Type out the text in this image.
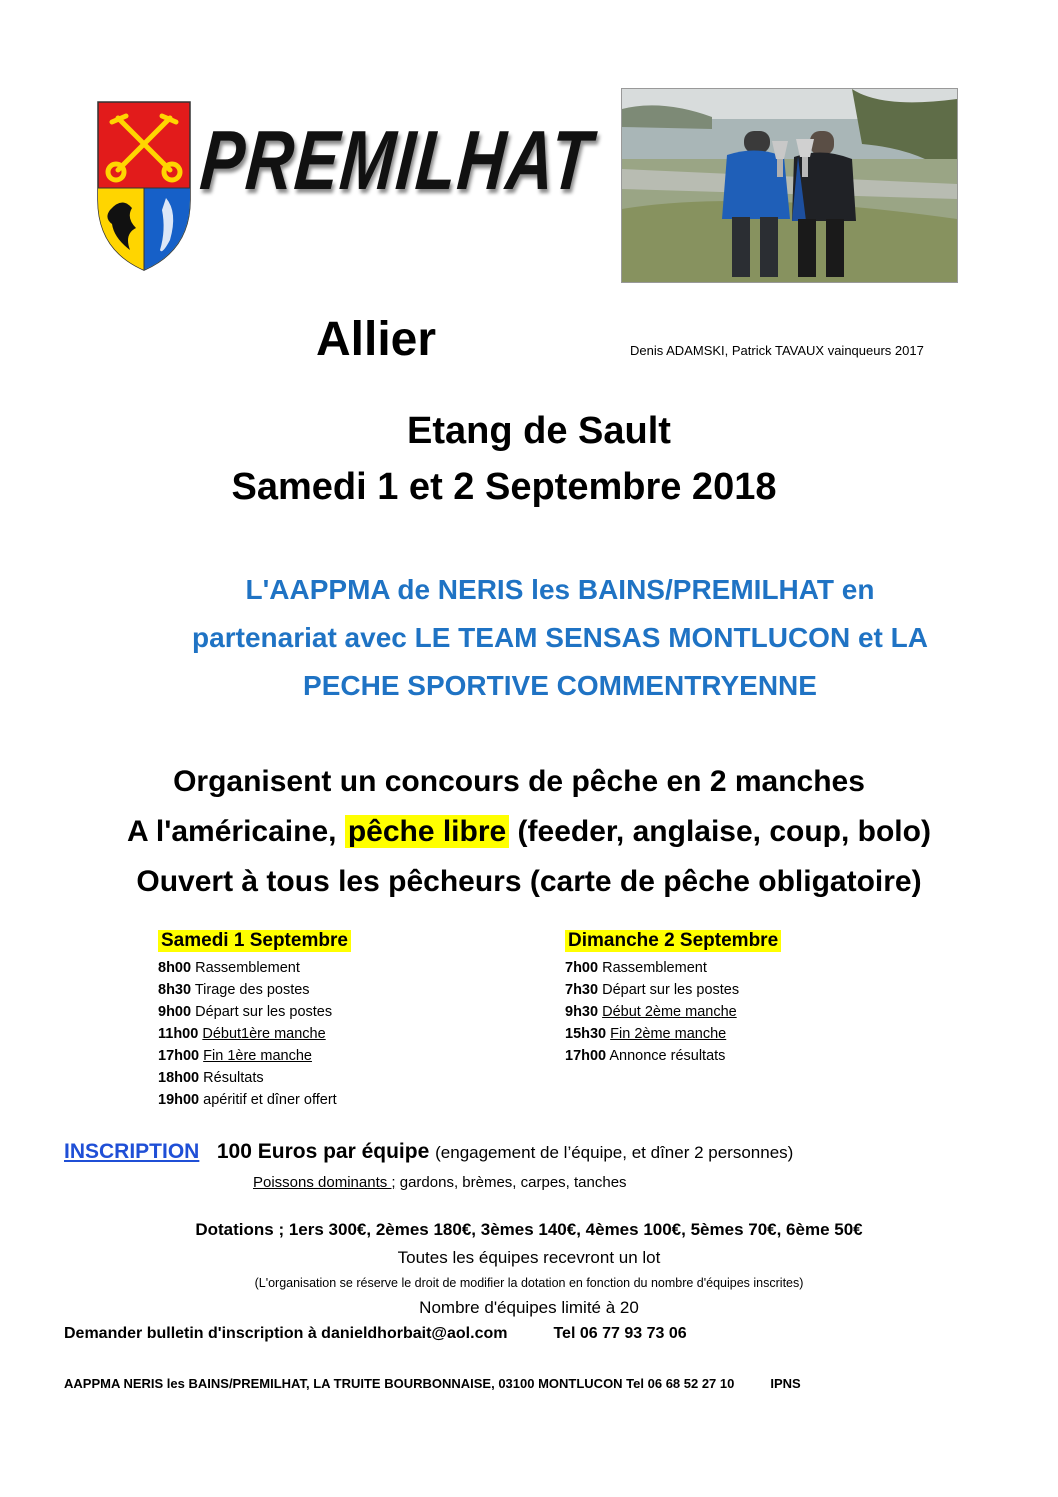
PREMILHAT
Allier	Denis ADAMSKI, Patrick TAVAUX vainqueurs 2017
Etang de Sault
Samedi 1 et 2 Septembre 2018
L'AAPPMA de NERIS les BAINS/PREMILHAT en
partenariat avec LE TEAM SENSAS MONTLUCON et LA
PECHE SPORTIVE COMMENTRYENNE
Organisent un concours de pêche en 2 manches
A l'américaine, pêche libre (feeder, anglaise, coup, bolo)
Ouvert à tous les pêcheurs (carte de pêche obligatoire)
Samedi 1 Septembre
8h00 Rassemblement
8h30 Tirage des postes
9h00 Départ sur les postes
11h00 Début1ère manche
17h00 Fin 1ère manche
18h00 Résultats
19h00 apéritif et dîner offert
Dimanche 2 Septembre
7h00 Rassemblement
7h30 Départ sur les postes
9h30 Début 2ème manche
15h30 Fin 2ème manche
17h00 Annonce résultats
INSCRIPTION 100 Euros par équipe (engagement de l’équipe, et dîner 2 personnes)
Poissons dominants ; gardons, brèmes, carpes, tanches
Dotations ; 1ers 300€, 2èmes 180€, 3èmes 140€, 4èmes 100€, 5èmes 70€, 6ème 50€
Toutes les équipes recevront un lot
(L'organisation se réserve le droit de modifier la dotation en fonction du nombre d'équipes inscrites)
Nombre d'équipes limité à 20
Demander bulletin d'inscription à danieldhorbait@aol.com	Tel 06 77 93 73 06
AAPPMA NERIS les BAINS/PREMILHAT, LA TRUITE BOURBONNAISE, 03100 MONTLUCON Tel 06 68 52 27 10	IPNS
